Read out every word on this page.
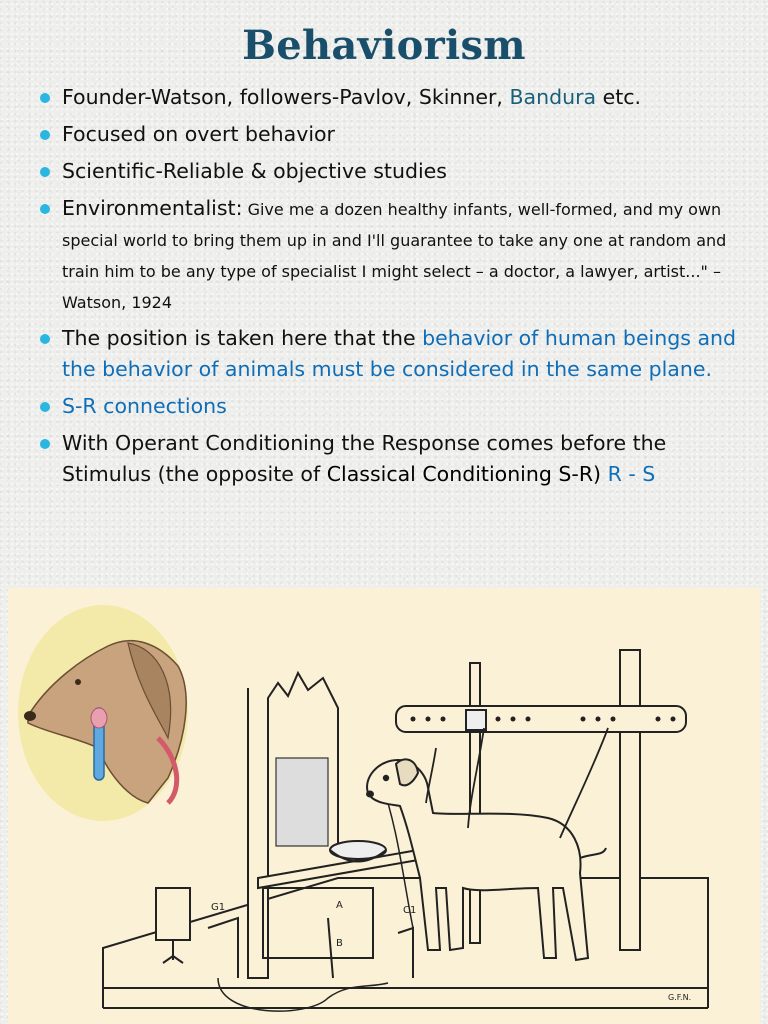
Behaviorism
Founder-Watson, followers-Pavlov, Skinner, Bandura etc.
Focused on overt behavior
Scientific-Reliable & objective studies
Environmentalist: Give me a dozen healthy infants, well-formed, and my own special world to bring them up in and I'll guarantee to take any one at random and train him to be any type of specialist I might select – a doctor, a lawyer, artist..." –Watson, 1924
The position is taken here that the behavior of human beings and the behavior of animals must be considered in the same plane.
S-R connections
With Operant Conditioning the Response comes before the Stimulus (the opposite of Classical Conditioning S-R) R - S
G1	A	C1
B
G.F.N.
